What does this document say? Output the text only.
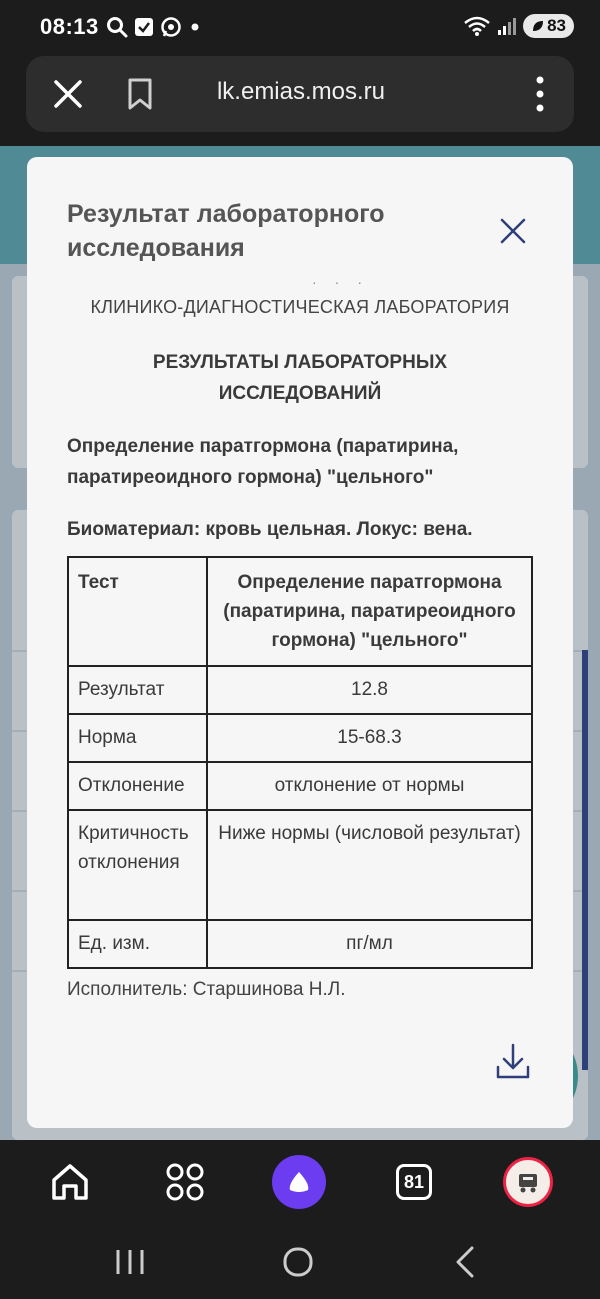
08:13	83
lk.emias.mos.ru
Результат лабораторного исследования
···
КЛИНИКО-ДИАГНОСТИЧЕСКАЯ ЛАБОРАТОРИЯ
РЕЗУЛЬТАТЫ ЛАБОРАТОРНЫХ ИССЛЕДОВАНИЙ
Определение паратгормона (паратирина, паратиреоидного гормона) "цельного"
Биоматериал: кровь цельная. Локус: вена.
Тест	Определение паратгормона (паратирина, паратиреоидного гормона) "цельного"
Результат	12.8
Норма	15-68.3
Отклонение	отклонение от нормы
Критичность отклонения	Ниже нормы (числовой результат)
Ед. изм.	пг/мл
Исполнитель: Старшинова Н.Л.
81
